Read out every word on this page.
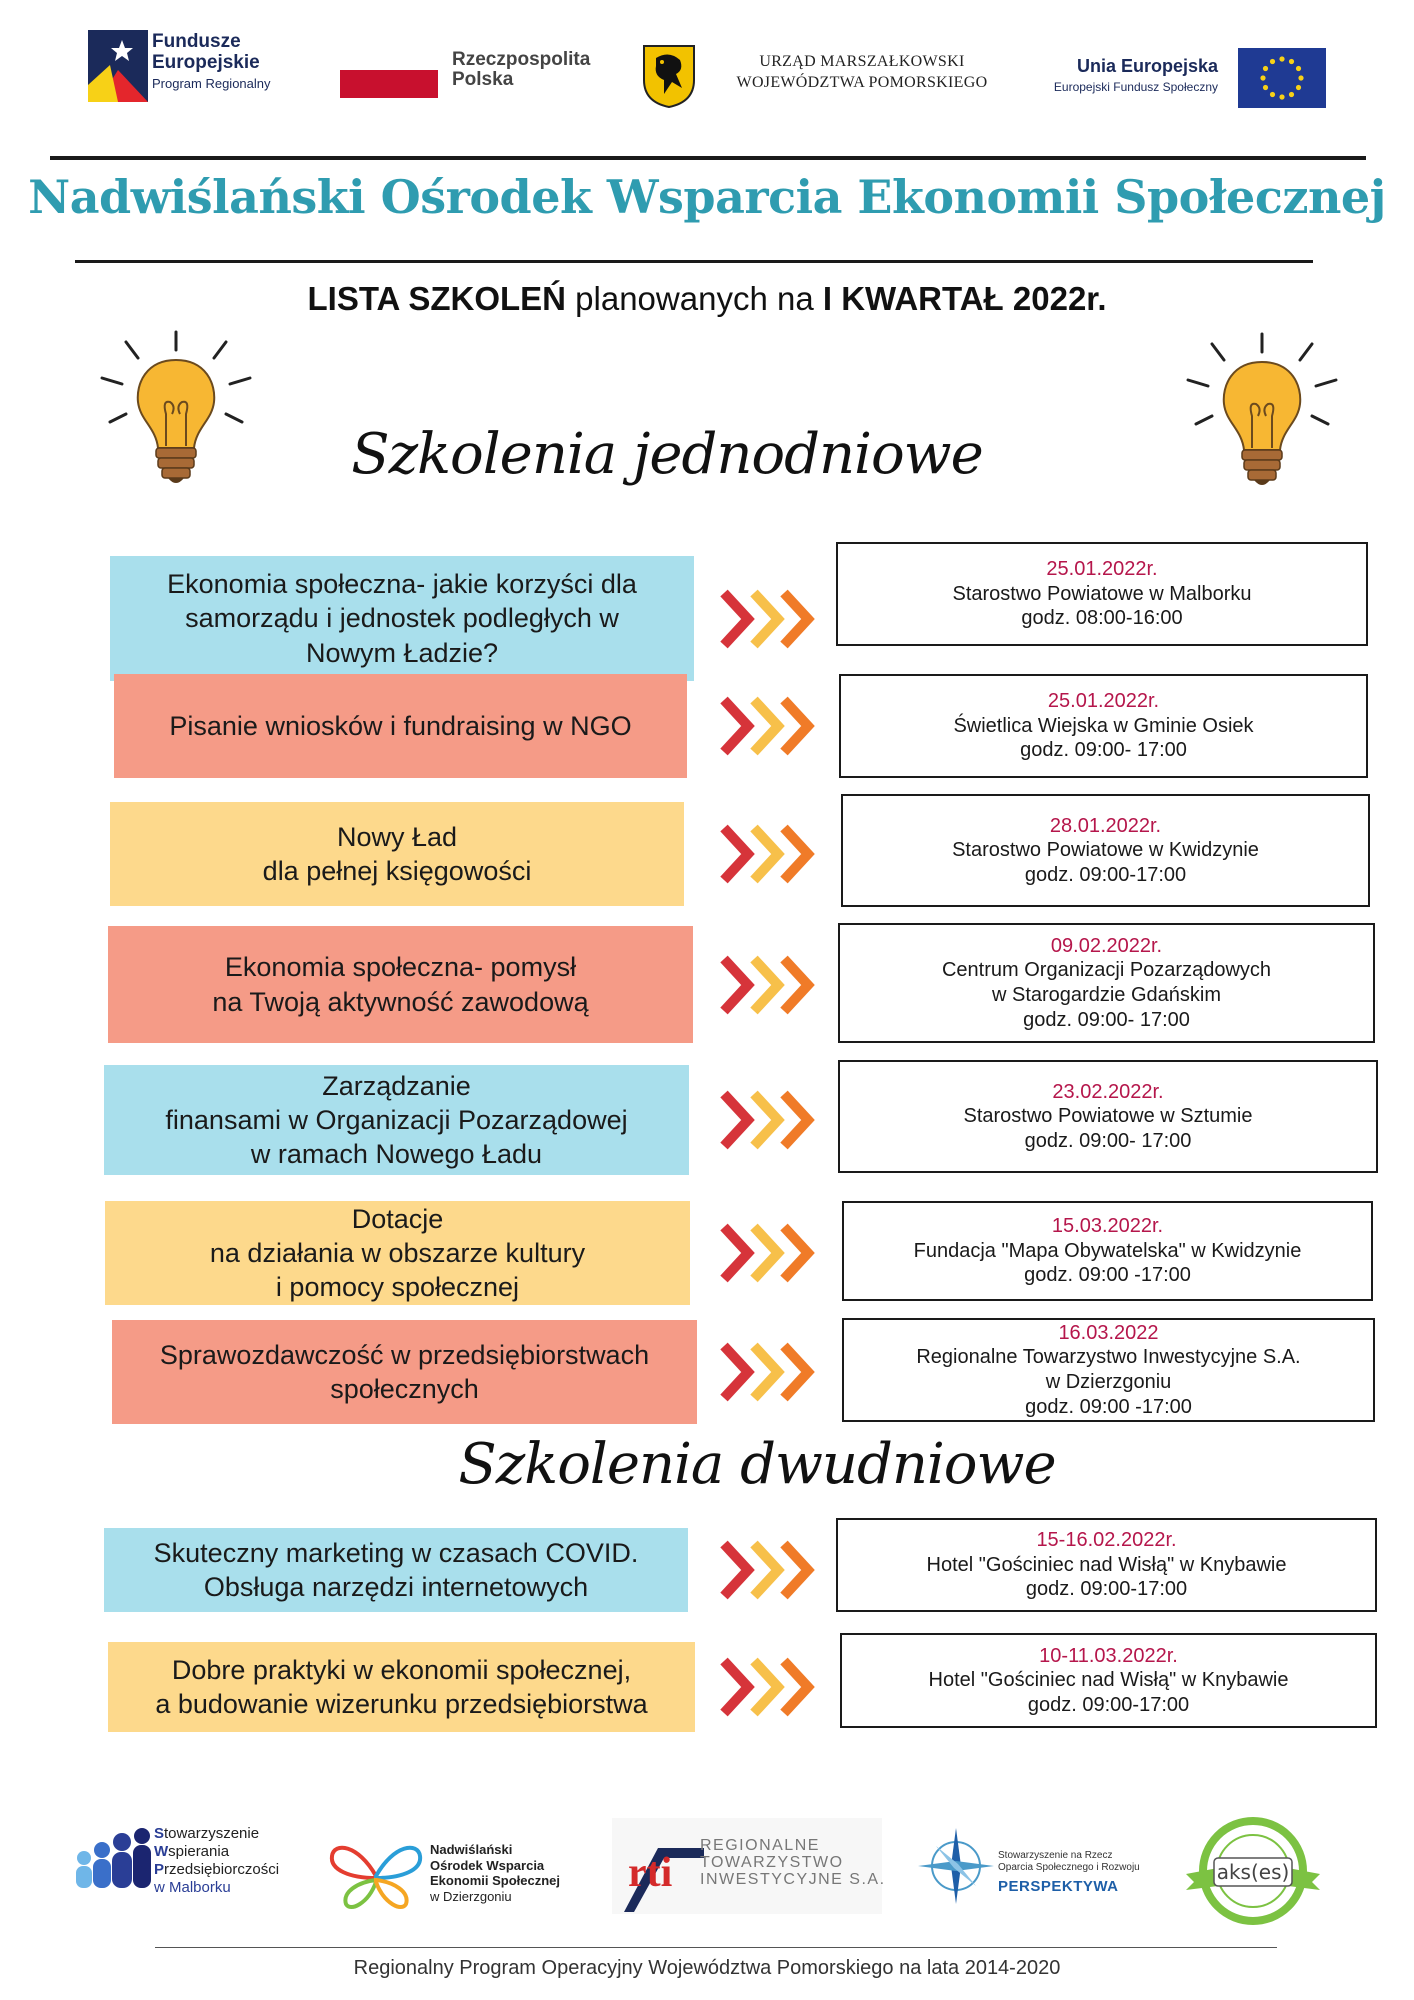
Fundusze Europejskie
Program Regionalny
Rzeczpospolita Polska
URZĄD MARSZAŁKOWSKI
WOJEWÓDZTWA POMORSKIEGO
Unia Europejska
Europejski Fundusz Społeczny
Nadwiślański Ośrodek Wsparcia Ekonomii Społecznej
LISTA SZKOLEŃ planowanych na I KWARTAŁ 2022r.
Szkolenia jednodniowe
Szkolenia dwudniowe
Ekonomia społeczna- jakie korzyści dla
samorządu i jednostek podległych w
Nowym Ładzie?
25.01.2022r.
Starostwo Powiatowe w Malborku
godz. 08:00-16:00
Pisanie wniosków i fundraising w NGO
25.01.2022r.
Świetlica Wiejska w Gminie Osiek
godz. 09:00- 17:00
Nowy Ład
dla pełnej księgowości
28.01.2022r.
Starostwo Powiatowe w Kwidzynie
godz. 09:00-17:00
Ekonomia społeczna- pomysł
na Twoją aktywność zawodową
09.02.2022r.
Centrum Organizacji Pozarządowych
w Starogardzie Gdańskim
godz. 09:00- 17:00
Zarządzanie
finansami w Organizacji Pozarządowej
w ramach Nowego Ładu
23.02.2022r.
Starostwo Powiatowe w Sztumie
godz. 09:00- 17:00
Dotacje
na działania w obszarze kultury
i pomocy społecznej
15.03.2022r.
Fundacja "Mapa Obywatelska" w Kwidzynie
godz. 09:00 -17:00
Sprawozdawczość w przedsiębiorstwach
społecznych
16.03.2022
Regionalne Towarzystwo Inwestycyjne S.A.
w Dzierzgoniu
godz. 09:00 -17:00
Skuteczny marketing w czasach COVID.
Obsługa narzędzi internetowych
15-16.02.2022r.
Hotel "Gościniec nad Wisłą" w Knybawie
godz. 09:00-17:00
Dobre praktyki w ekonomii społecznej,
a budowanie wizerunku przedsiębiorstwa
10-11.03.2022r.
Hotel "Gościniec nad Wisłą" w Knybawie
godz. 09:00-17:00
Stowarzyszenie
Wspierania
Przedsiębiorczości
w Malborku
Nadwiślański
Ośrodek Wsparcia
Ekonomii Społecznej
w Dzierzgoniu
rti
REGIONALNE
TOWARZYSTWO
INWESTYCYJNE S.A.
Stowarzyszenie na Rzecz
Oparcia Społecznego i Rozwoju
PERSPEKTYWA
aks(es)
Regionalny Program Operacyjny Województwa Pomorskiego na lata 2014-2020
